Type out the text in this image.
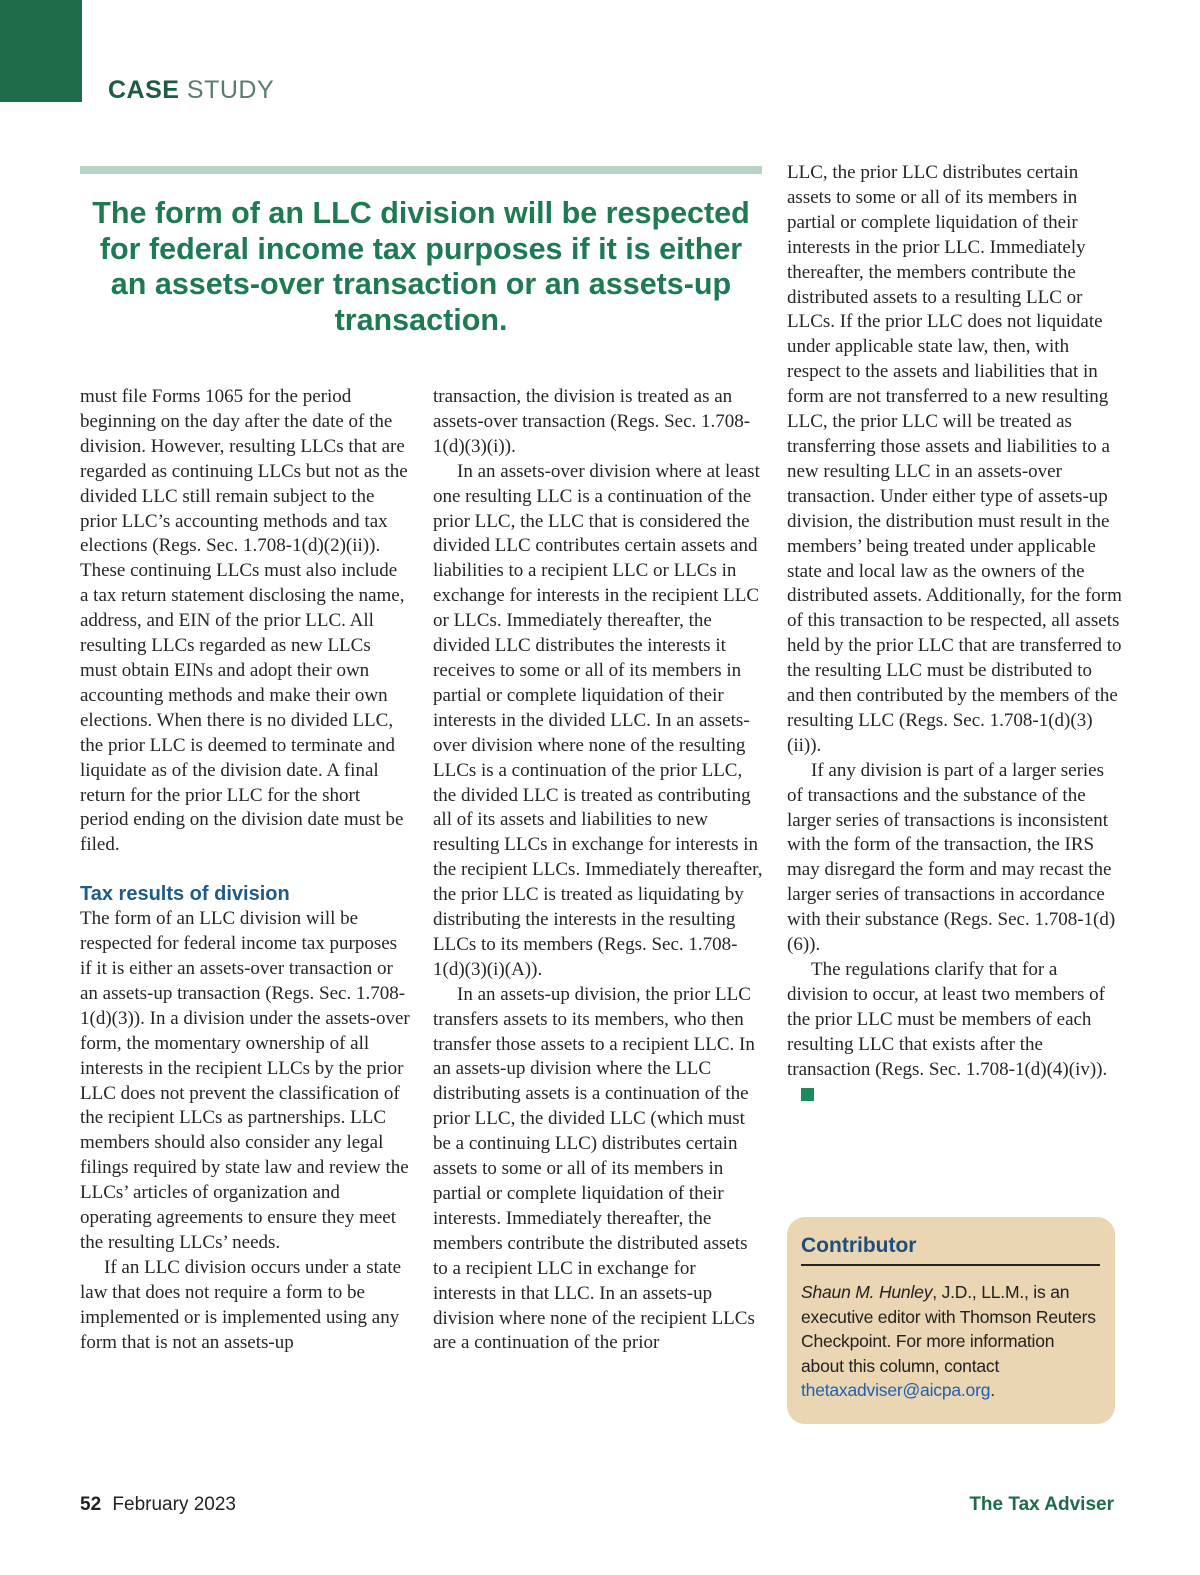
CASE STUDY
The form of an LLC division will be respected for federal income tax purposes if it is either an assets-over transaction or an assets-up transaction.

must file Forms 1065 for the period beginning on the day after the date of the division. However, resulting LLCs that are regarded as continuing LLCs but not as the divided LLC still remain subject to the prior LLC’s accounting methods and tax elections (Regs. Sec. 1.708-1(d)(2)(ii)). These continuing LLCs must also include a tax return statement disclosing the name, address, and EIN of the prior LLC. All resulting LLCs regarded as new LLCs must obtain EINs and adopt their own accounting methods and make their own elections. When there is no divided LLC, the prior LLC is deemed to terminate and liquidate as of the division date. A final return for the prior LLC for the short period ending on the division date must be filed.

Tax results of division

The form of an LLC division will be respected for federal income tax purposes if it is either an assets-over transaction or an assets-up transaction (Regs. Sec. 1.708-1(d)(3)). In a division under the assets-over form, the momentary ownership of all interests in the recipient LLCs by the prior LLC does not prevent the classification of the recipient LLCs as partnerships. LLC members should also consider any legal filings required by state law and review the LLCs’ articles of organization and operating agreements to ensure they meet the resulting LLCs’ needs.

If an LLC division occurs under a state law that does not require a form to be implemented or is implemented using any form that is not an assets-up

transaction, the division is treated as an assets-over transaction (Regs. Sec. 1.708-1(d)(3)(i)).

In an assets-over division where at least one resulting LLC is a continuation of the prior LLC, the LLC that is considered the divided LLC contributes certain assets and liabilities to a recipient LLC or LLCs in exchange for interests in the recipient LLC or LLCs. Immediately thereafter, the divided LLC distributes the interests it receives to some or all of its members in partial or complete liquidation of their interests in the divided LLC. In an assets-over division where none of the resulting LLCs is a continuation of the prior LLC, the divided LLC is treated as contributing all of its assets and liabilities to new resulting LLCs in exchange for interests in the recipient LLCs. Immediately thereafter, the prior LLC is treated as liquidating by distributing the interests in the resulting LLCs to its members (Regs. Sec. 1.708-1(d)(3)(i)(A)).

In an assets-up division, the prior LLC transfers assets to its members, who then transfer those assets to a recipient LLC. In an assets-up division where the LLC distributing assets is a continuation of the prior LLC, the divided LLC (which must be a continuing LLC) distributes certain assets to some or all of its members in partial or complete liquidation of their interests. Immediately thereafter, the members contribute the distributed assets to a recipient LLC in exchange for interests in that LLC. In an assets-up division where none of the recipient LLCs are a continuation of the prior

LLC, the prior LLC distributes certain assets to some or all of its members in partial or complete liquidation of their interests in the prior LLC. Immediately thereafter, the members contribute the distributed assets to a resulting LLC or LLCs. If the prior LLC does not liquidate under applicable state law, then, with respect to the assets and liabilities that in form are not transferred to a new resulting LLC, the prior LLC will be treated as transferring those assets and liabilities to a new resulting LLC in an assets-over transaction. Under either type of assets-up division, the distribution must result in the members’ being treated under applicable state and local law as the owners of the distributed assets. Additionally, for the form of this transaction to be respected, all assets held by the prior LLC that are transferred to the resulting LLC must be distributed to and then contributed by the members of the resulting LLC (Regs. Sec. 1.708-1(d)(3)(ii)).

If any division is part of a larger series of transactions and the substance of the larger series of transactions is inconsistent with the form of the transaction, the IRS may disregard the form and may recast the larger series of transactions in accordance with their substance (Regs. Sec. 1.708-1(d)(6)).

The regulations clarify that for a division to occur, at least two members of the prior LLC must be members of each resulting LLC that exists after the transaction (Regs. Sec. 1.708-1(d)(4)(iv)).

Contributor
Shaun M. Hunley, J.D., LL.M., is an executive editor with Thomson Reuters Checkpoint. For more information about this column, contact thetaxadviser@aicpa.org.
52 February 2023	The Tax Adviser
